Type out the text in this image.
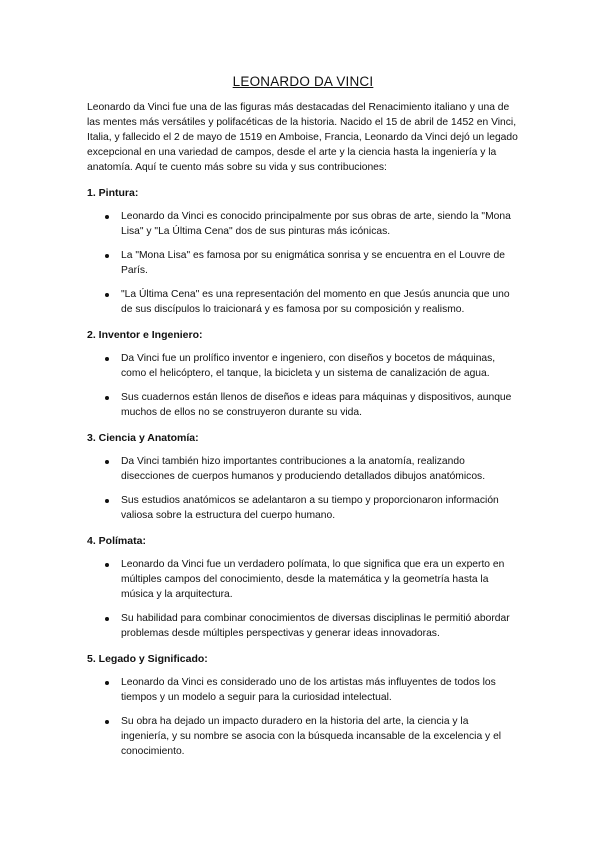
LEONARDO DA VINCI

Leonardo da Vinci fue una de las figuras más destacadas del Renacimiento italiano y una de las mentes más versátiles y polifacéticas de la historia. Nacido el 15 de abril de 1452 en Vinci, Italia, y fallecido el 2 de mayo de 1519 en Amboise, Francia, Leonardo da Vinci dejó un legado excepcional en una variedad de campos, desde el arte y la ciencia hasta la ingeniería y la anatomía. Aquí te cuento más sobre su vida y sus contribuciones:

1. Pintura:
Leonardo da Vinci es conocido principalmente por sus obras de arte, siendo la "Mona Lisa" y "La Última Cena" dos de sus pinturas más icónicas.
La "Mona Lisa" es famosa por su enigmática sonrisa y se encuentra en el Louvre de París.
"La Última Cena" es una representación del momento en que Jesús anuncia que uno de sus discípulos lo traicionará y es famosa por su composición y realismo.
2. Inventor e Ingeniero:
Da Vinci fue un prolífico inventor e ingeniero, con diseños y bocetos de máquinas, como el helicóptero, el tanque, la bicicleta y un sistema de canalización de agua.
Sus cuadernos están llenos de diseños e ideas para máquinas y dispositivos, aunque muchos de ellos no se construyeron durante su vida.
3. Ciencia y Anatomía:
Da Vinci también hizo importantes contribuciones a la anatomía, realizando disecciones de cuerpos humanos y produciendo detallados dibujos anatómicos.
Sus estudios anatómicos se adelantaron a su tiempo y proporcionaron información valiosa sobre la estructura del cuerpo humano.
4. Polímata:
Leonardo da Vinci fue un verdadero polímata, lo que significa que era un experto en múltiples campos del conocimiento, desde la matemática y la geometría hasta la música y la arquitectura.
Su habilidad para combinar conocimientos de diversas disciplinas le permitió abordar problemas desde múltiples perspectivas y generar ideas innovadoras.
5. Legado y Significado:
Leonardo da Vinci es considerado uno de los artistas más influyentes de todos los tiempos y un modelo a seguir para la curiosidad intelectual.
Su obra ha dejado un impacto duradero en la historia del arte, la ciencia y la ingeniería, y su nombre se asocia con la búsqueda incansable de la excelencia y el conocimiento.
